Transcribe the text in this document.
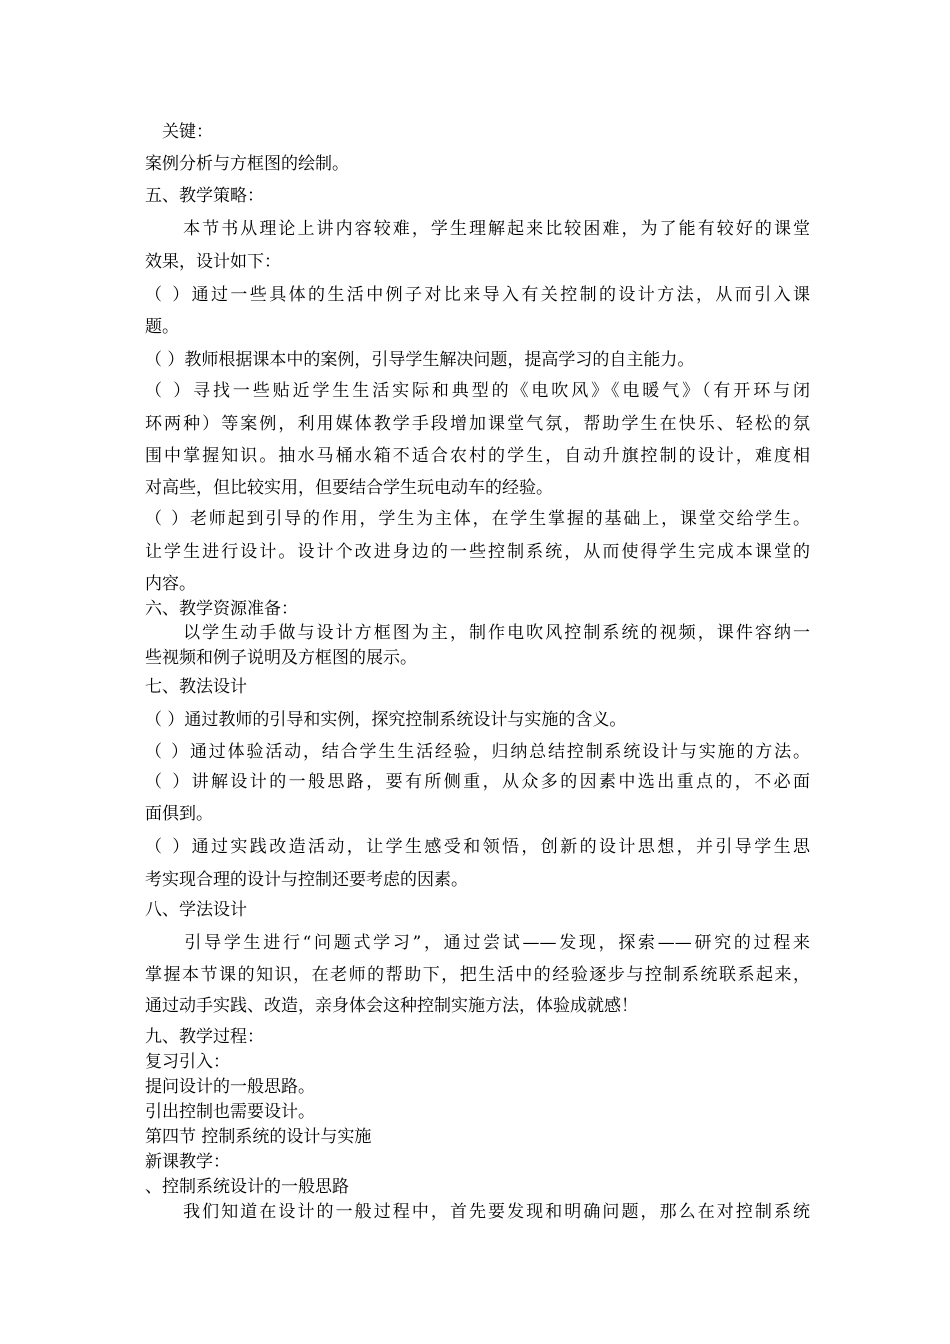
　关键：
案例分析与方框图的绘制。
五、教学策略：
　　本节书从理论上讲内容较难，学生理解起来比较困难，为了能有较好的课堂
效果，设计如下：
（ ）通过一些具体的生活中例子对比来导入有关控制的设计方法，从而引入课
题。
（ ）教师根据课本中的案例，引导学生解决问题，提高学习的自主能力。
（ ）寻找一些贴近学生生活实际和典型的《电吹风》《电暖气》（有开环与闭
环两种）等案例，利用媒体教学手段增加课堂气氛，帮助学生在快乐、轻松的氛
围中掌握知识。抽水马桶水箱不适合农村的学生，自动升旗控制的设计，难度相
对高些，但比较实用，但要结合学生玩电动车的经验。
（ ）老师起到引导的作用，学生为主体，在学生掌握的基础上，课堂交给学生。
让学生进行设计。设计个改进身边的一些控制系统，从而使得学生完成本课堂的
内容。
六、教学资源准备：
　　以学生动手做与设计方框图为主，制作电吹风控制系统的视频，课件容纳一
些视频和例子说明及方框图的展示。
七、教法设计
（ ）通过教师的引导和实例，探究控制系统设计与实施的含义。
（ ）通过体验活动，结合学生生活经验，归纳总结控制系统设计与实施的方法。
（ ）讲解设计的一般思路，要有所侧重，从众多的因素中选出重点的，不必面
面俱到。
（ ）通过实践改造活动，让学生感受和领悟，创新的设计思想，并引导学生思
考实现合理的设计与控制还要考虑的因素。
八、学法设计
　　引导学生进行“问题式学习”，通过尝试——发现，探索——研究的过程来
掌握本节课的知识，在老师的帮助下，把生活中的经验逐步与控制系统联系起来，
通过动手实践、改造，亲身体会这种控制实施方法，体验成就感！
九、教学过程：
复习引入：
提问设计的一般思路。
引出控制也需要设计。
第四节 控制系统的设计与实施
新课教学：
、控制系统设计的一般思路
　　我们知道在设计的一般过程中，首先要发现和明确问题，那么在对控制系统
